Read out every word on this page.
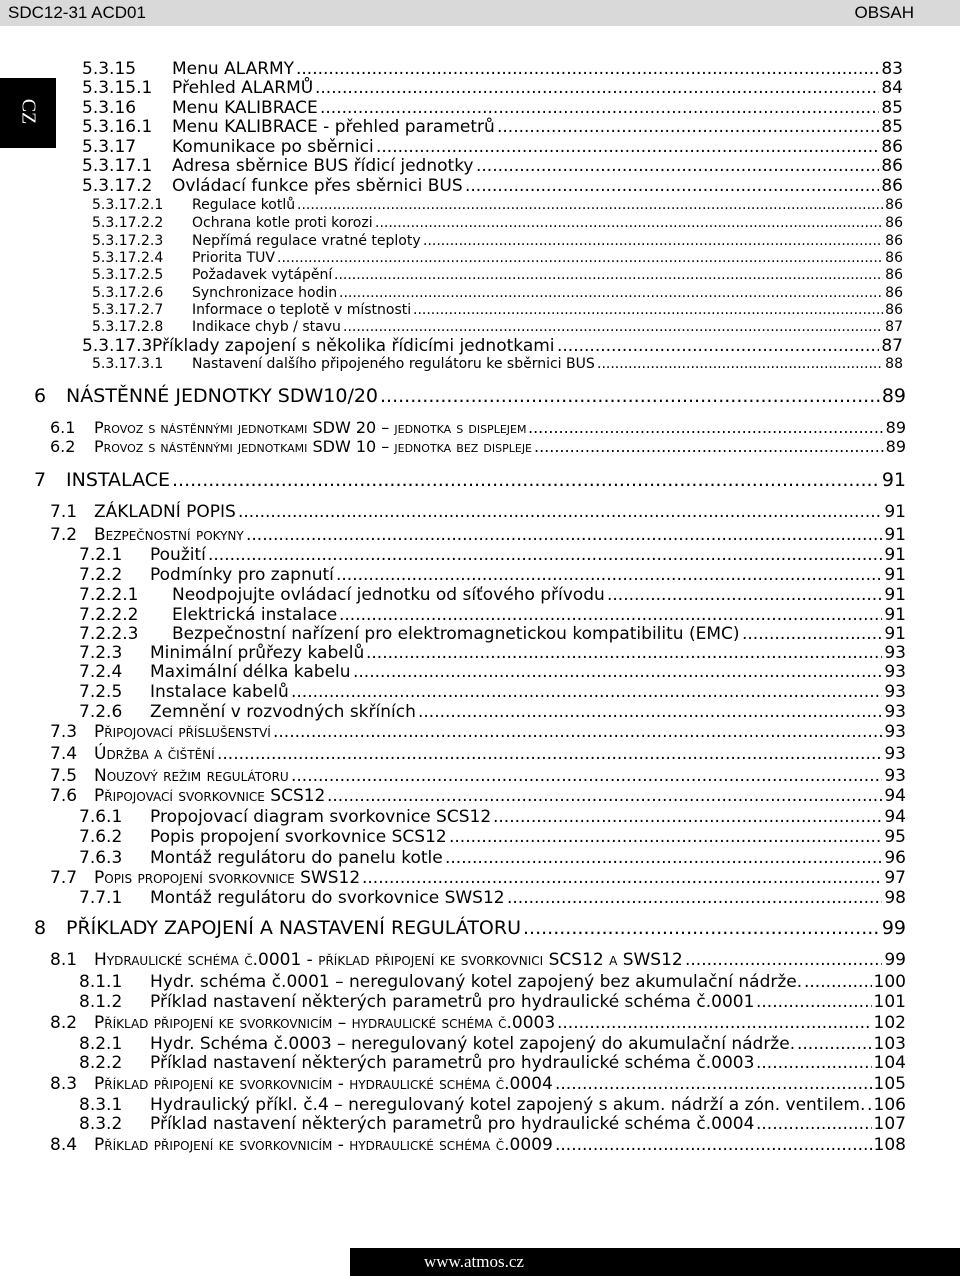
SDC12-31 ACD01	OBSAH
CZ
5.3.15 Menu ALARMY .....	83
5.3.15.1 Přehled ALARMŮ .....	84
5.3.16 Menu KALIBRACE .....	85
5.3.16.1 Menu KALIBRACE - přehled parametrů .....	85
5.3.17 Komunikace po sběrnici .....	86
5.3.17.1 Adresa sběrnice BUS řídicí jednotky .....	86
5.3.17.2 Ovládací funkce přes sběrnici BUS .....	86
5.3.17.2.1 Regulace kotlů .....	86
5.3.17.2.2 Ochrana kotle proti korozi .....	86
5.3.17.2.3 Nepřímá regulace vratné teploty .....	86
5.3.17.2.4 Priorita TUV .....	86
5.3.17.2.5 Požadavek vytápění .....	86
5.3.17.2.6 Synchronizace hodin .....	86
5.3.17.2.7 Informace o teplotě v místnosti .....	86
5.3.17.2.8 Indikace chyb / stavu .....	87
5.3.17.3 Příklady zapojení s několika řídicími jednotkami .....	87
5.3.17.3.1 Nastavení dalšího připojeného regulátoru ke sběrnici BUS .....	88
6 NÁSTĚNNÉ JEDNOTKY SDW10/20 .....	89
6.1 Provoz s nástěnnými jednotkami SDW 20 – jednotka s displejem .....	89
6.2 Provoz s nástěnnými jednotkami SDW 10 – jednotka bez displeje .....	89
7 INSTALACE .....	91
7.1 ZÁKLADNÍ POPIS .....	91
7.2 Bezpečnostní pokyny .....	91
7.2.1 Použití .....	91
7.2.2 Podmínky pro zapnutí .....	91
7.2.2.1 Neodpojujte ovládací jednotku od síťového přívodu .....	91
7.2.2.2 Elektrická instalace .....	91
7.2.2.3 Bezpečnostní nařízení pro elektromagnetickou kompatibilitu (EMC) .....	91
7.2.3 Minimální průřezy kabelů .....	93
7.2.4 Maximální délka kabelu .....	93
7.2.5 Instalace kabelů .....	93
7.2.6 Zemnění v rozvodných skříních .....	93
7.3 Připojovací příslušenství .....	93
7.4 Údržba a čištění .....	93
7.5 Nouzový režim regulátoru .....	93
7.6 Připojovací svorkovnice SCS12 .....	94
7.6.1 Propojovací diagram svorkovnice SCS12 .....	94
7.6.2 Popis propojení svorkovnice SCS12 .....	95
7.6.3 Montáž regulátoru do panelu kotle .....	96
7.7 Popis propojení svorkovnice SWS12 .....	97
7.7.1 Montáž regulátoru do svorkovnice SWS12 .....	98
8 PŘÍKLADY ZAPOJENÍ A NASTAVENÍ REGULÁTORU .....	99
8.1 Hydraulické schéma č.0001 - příklad připojení ke svorkovnici SCS12 a SWS12 .....	99
8.1.1 Hydr. schéma č.0001 – neregulovaný kotel zapojený bez akumulační nádrže. .....	100
8.1.2 Příklad nastavení některých parametrů pro hydraulické schéma č.0001 .....	101
8.2 Příklad připojení ke svorkovnicím – hydraulické schéma č.0003 .....	102
8.2.1 Hydr. Schéma č.0003 – neregulovaný kotel zapojený do akumulační nádrže. .....	103
8.2.2 Příklad nastavení některých parametrů pro hydraulické schéma č.0003 .....	104
8.3 Příklad připojení ke svorkovnicím - hydraulické schéma č.0004 .....	105
8.3.1 Hydraulický příkl. č.4 – neregulovaný kotel zapojený s akum. nádrží a zón. ventilem. ..... 106
8.3.2 Příklad nastavení některých parametrů pro hydraulické schéma č.0004 .....	107
8.4 Příklad připojení ke svorkovnicím - hydraulické schéma č.0009 .....	108
www.atmos.cz
